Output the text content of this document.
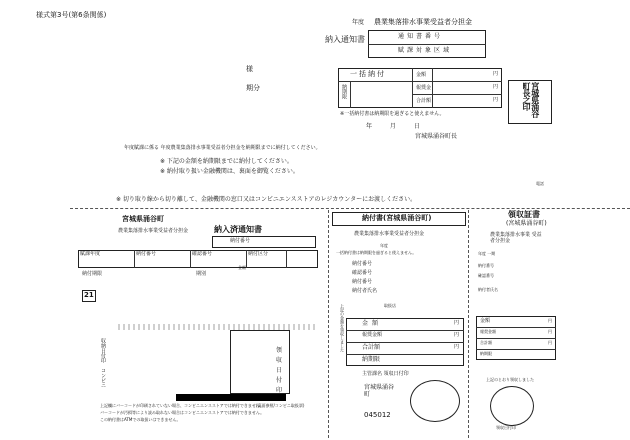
様式第3号(第6条関係)
年度 農業集落排水事業受益者分担金
納入通知書	通知書番号
賦課対象区域
様
期分
一括納付	金額	円
納期限	報奨金	円
合計額	円
※一括納付書は納期限を過ぎると使えません。	宮城県涌谷町長之印
年 月 日
宮城県涌谷町長
年度賦課に係る 年度農業集落排水事業受益者分担金を納期限までに納付してください。
※ 下記の金額を納期限までに納付してください。
※ 納付取り扱い金融機関は、裏面を御覧ください。
電話
※ 切り取り線から切り離して、金融機関の窓口又はコンビニエンスストアのレジカウンターにお渡しください。
宮城県涌谷町
農業集落排水事業受益者分担金	納入済通知書
納付番号
賦課年度	納付番号	確認番号	納付区分
納付期限	期別
金額
21
収納日付印
コンビニ
領
収
日
付
印
上記欄にバーコードが印刷されていない場合、コンビニエンスストアでは納付できません。
バーコードが汚損等により読み取れない場合はコンビニエンスストアでは納付できません。
この納付書はATMでの取扱いはできません。
(裏面参照/コンビニ取扱票)
納付書(宮城県涌谷町)
農業集落排水事業受益者分担金
年度
一括納付書は納期限を過ぎると使えません。
納付番号
確認番号
納付番号
納付者氏名
取扱店
上記の金額を領収しました	金額	円
報奨金額	円
合計額	円
納期限
主管課名 領収日付印
宮城県涌谷町
045012
領収証書
(宮城県涌谷町)
農業集落排水事業 受益者分担金
年度 一期
納付番号
確認番号
納付者氏名
金額	円
報奨金額	円
合計額	円
納期限
上記のとおり領収しました
領収日付印
